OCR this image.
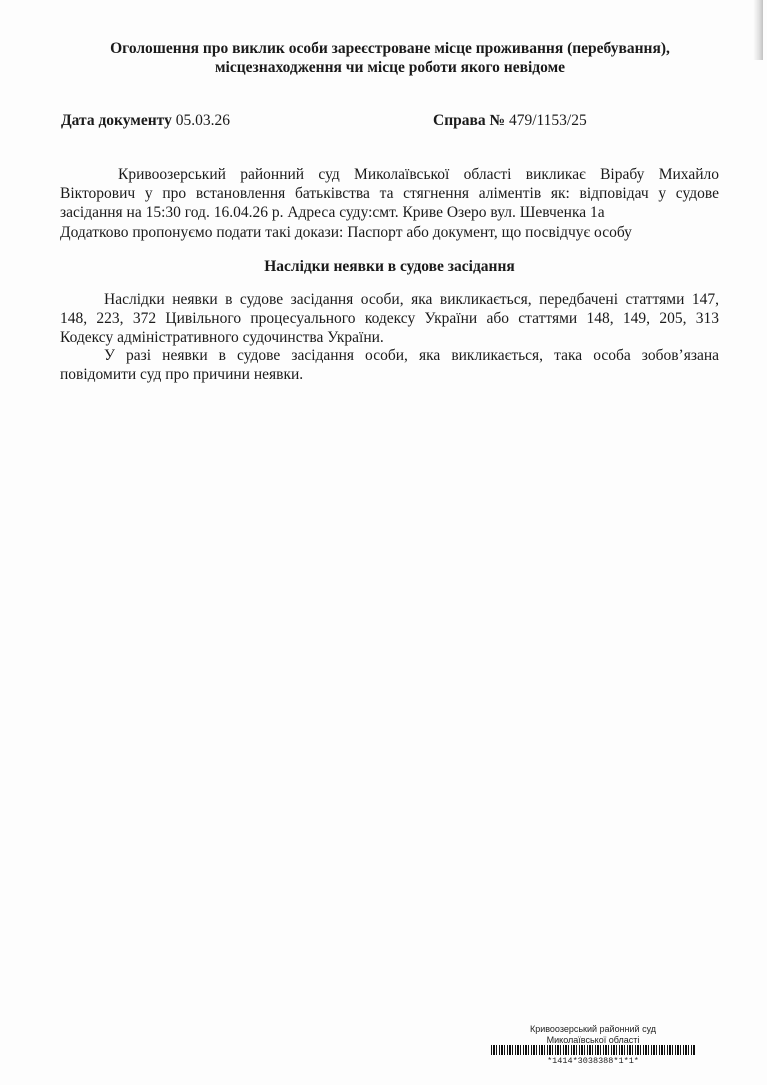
Оголошення про виклик особи зареєстроване місце проживання (перебування),
місцезнаходження чи місце роботи якого невідоме
Дата документу 05.03.26	Справа № 479/1153/25

Кривоозерський районний суд Миколаївської області викликає Вірабу Михайло

Вікторович у про встановлення батьківства та стягнення аліментів як: відповідач у судове

засідання на 15:30 год. 16.04.26 р. Адреса суду:смт. Криве Озеро вул. Шевченка 1а

Додатково пропонуємо подати такі докази: Паспорт або документ, що посвідчує особу

Наслідки неявки в судове засідання

Наслідки неявки в судове засідання особи, яка викликається, передбачені статтями 147,

148, 223, 372 Цивільного процесуального кодексу України або статтями 148, 149, 205, 313

Кодексу адміністративного судочинства України.

У разі неявки в судове засідання особи, яка викликається, така особа зобов’язана

повідомити суд про причини неявки.

Кривоозерський районний суд
Миколаївської області
*1414*3038388*1*1*
